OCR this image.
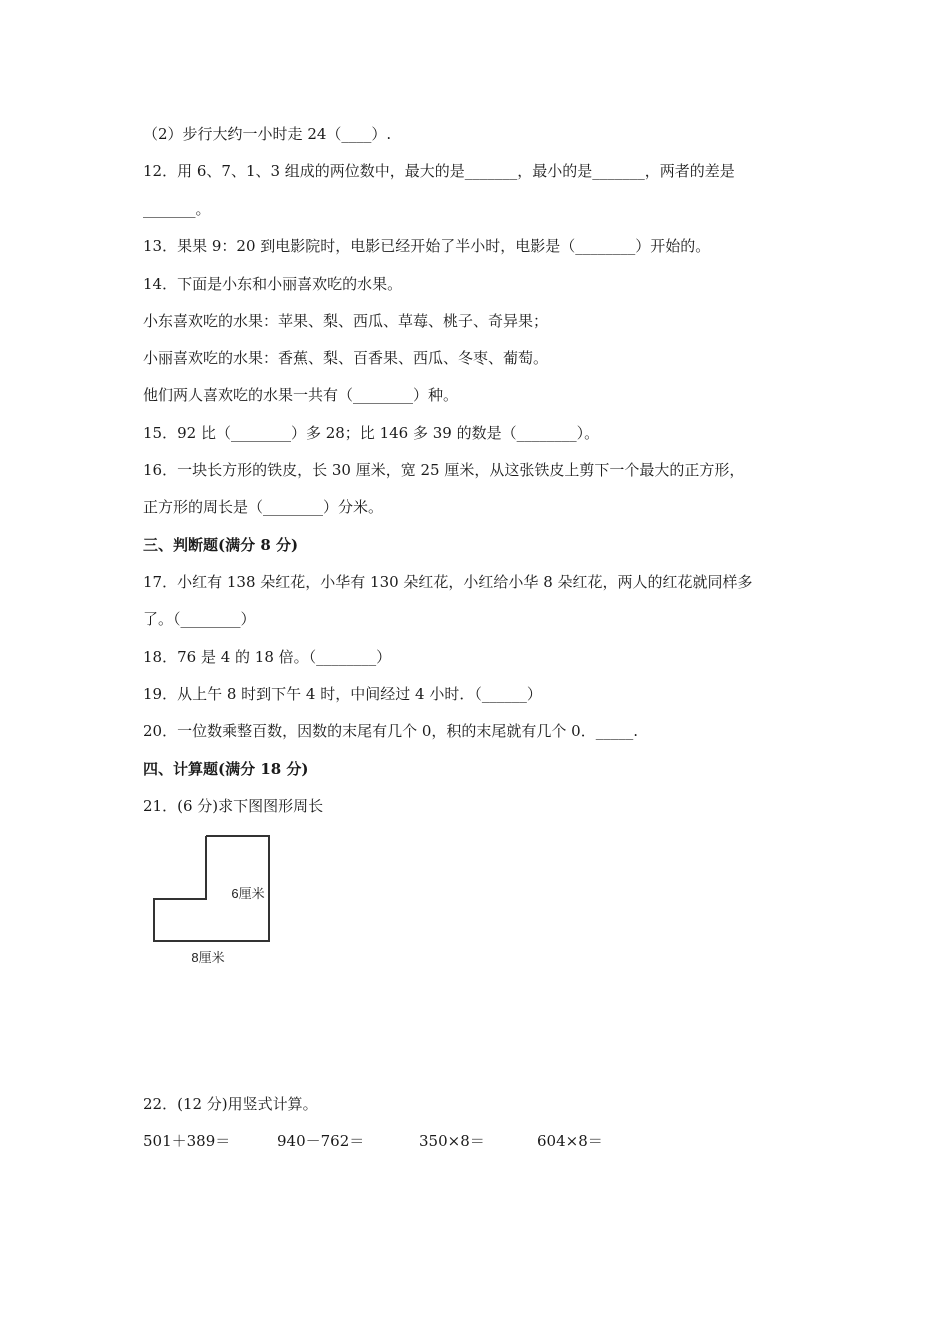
（2）步行大约一小时走 24（____）.
12．用 6、7、1、3 组成的两位数中，最大的是_______，最小的是_______，两者的差是
_______。
13．果果 9：20 到电影院时，电影已经开始了半小时，电影是（________）开始的。
14．下面是小东和小丽喜欢吃的水果。
小东喜欢吃的水果：苹果、梨、西瓜、草莓、桃子、奇异果；
小丽喜欢吃的水果：香蕉、梨、百香果、西瓜、冬枣、葡萄。
他们两人喜欢吃的水果一共有（________）种。
15．92 比（________）多 28；比 146 多 39 的数是（________）。
16．一块长方形的铁皮，长 30 厘米，宽 25 厘米，从这张铁皮上剪下一个最大的正方形，
正方形的周长是（________）分米。
三、判断题(满分 8 分)
17．小红有 138 朵红花，小华有 130 朵红花，小红给小华 8 朵红花，两人的红花就同样多
了。（________）
18．76 是 4 的 18 倍。（________）
19．从上午 8 时到下午 4 时，中间经过 4 小时．（______）
20．一位数乘整百数，因数的末尾有几个 0，积的末尾就有几个 0．_____.
四、计算题(满分 18 分)
21．(6 分)求下图图形周长
6厘米
8厘米
22．(12 分)用竖式计算。
501＋389＝	940－762＝	350×8＝	604×8＝
